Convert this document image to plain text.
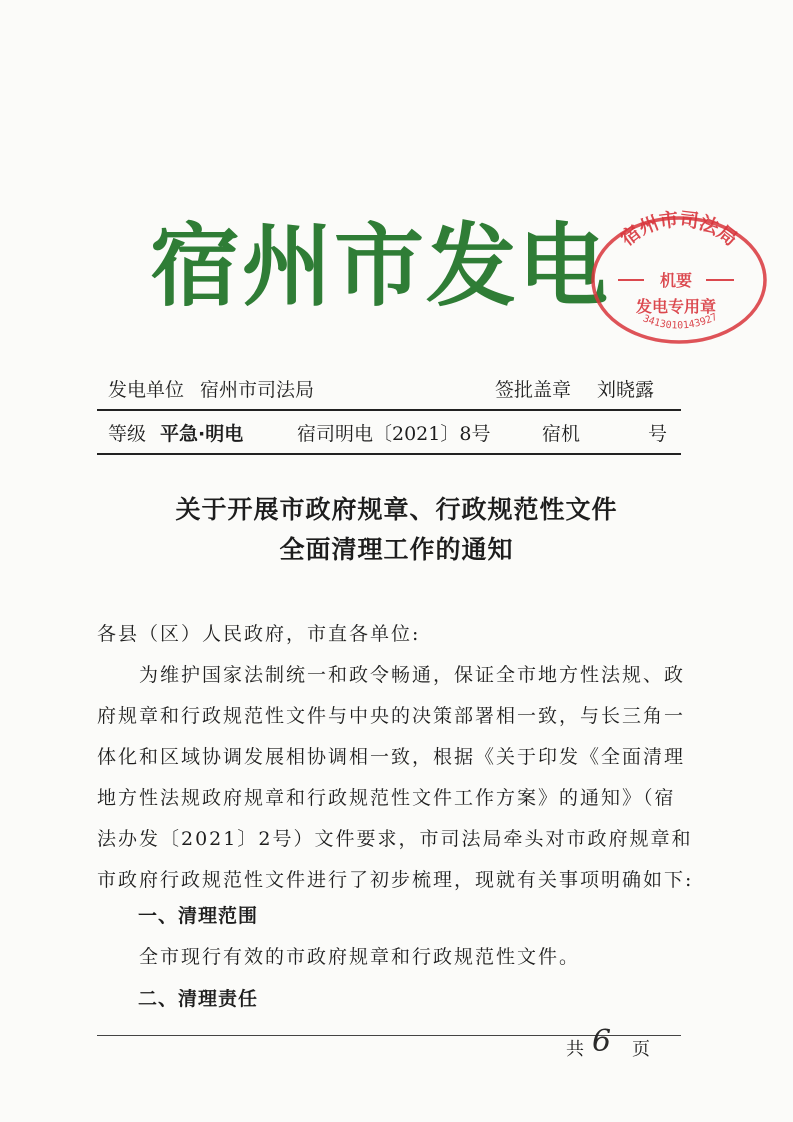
宿州市发电 宿州市司法局
机要
发电专用章
3413010143927
发电单位 宿州市司法局	签批盖章 刘晓露
等级 平急·明电	宿司明电〔2021〕8号	宿机	号
关于开展市政府规章、行政规范性文件
全面清理工作的通知
各县（区）人民政府，市直各单位:
为维护国家法制统一和政令畅通，保证全市地方性法规、政
府规章和行政规范性文件与中央的决策部署相一致，与长三角一
体化和区域协调发展相协调相一致，根据《关于印发《全面清理
地方性法规政府规章和行政规范性文件工作方案》的通知》（宿
法办发〔2021〕2号）文件要求，市司法局牵头对市政府规章和
市政府行政规范性文件进行了初步梳理，现就有关事项明确如下:
一、清理范围
全市现行有效的市政府规章和行政规范性文件。
二、清理责任
共 6 页
